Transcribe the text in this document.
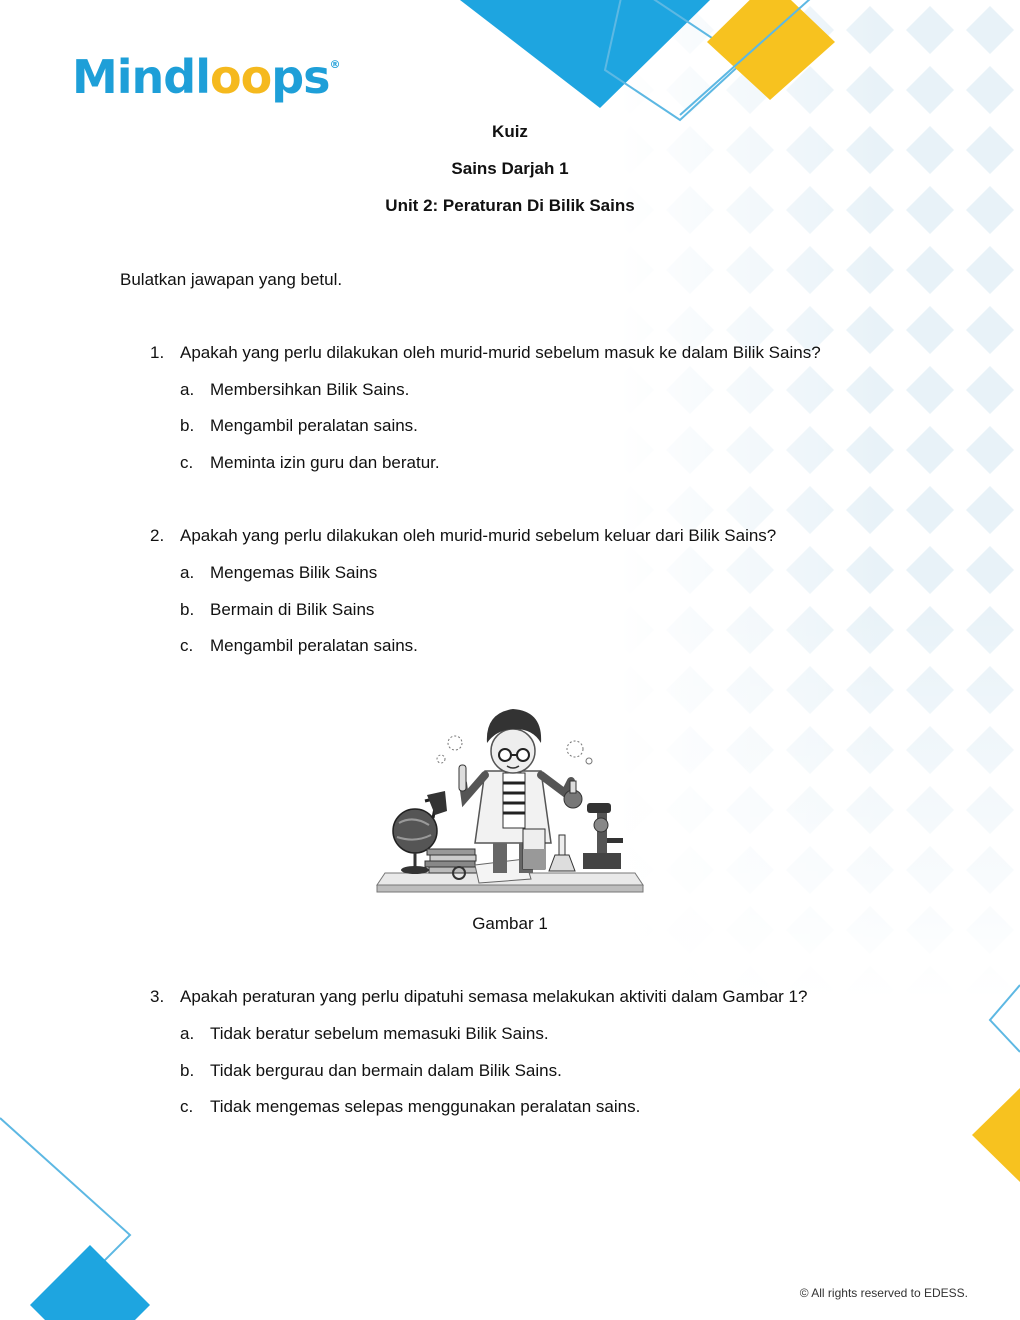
Mindloops®
Kuiz
Sains Darjah 1
Unit 2: Peraturan Di Bilik Sains
Bulatkan jawapan yang betul.
1. Apakah yang perlu dilakukan oleh murid-murid sebelum masuk ke dalam Bilik Sains?
a. Membersihkan Bilik Sains.
b. Mengambil peralatan sains.
c. Meminta izin guru dan beratur.
2. Apakah yang perlu dilakukan oleh murid-murid sebelum keluar dari Bilik Sains?
a. Mengemas Bilik Sains
b. Bermain di Bilik Sains
c. Mengambil peralatan sains.
Gambar 1
3. Apakah peraturan yang perlu dipatuhi semasa melakukan aktiviti dalam Gambar 1?
a. Tidak beratur sebelum memasuki Bilik Sains.
b. Tidak bergurau dan bermain dalam Bilik Sains.
c. Tidak mengemas selepas menggunakan peralatan sains.
© All rights reserved to EDESS.
